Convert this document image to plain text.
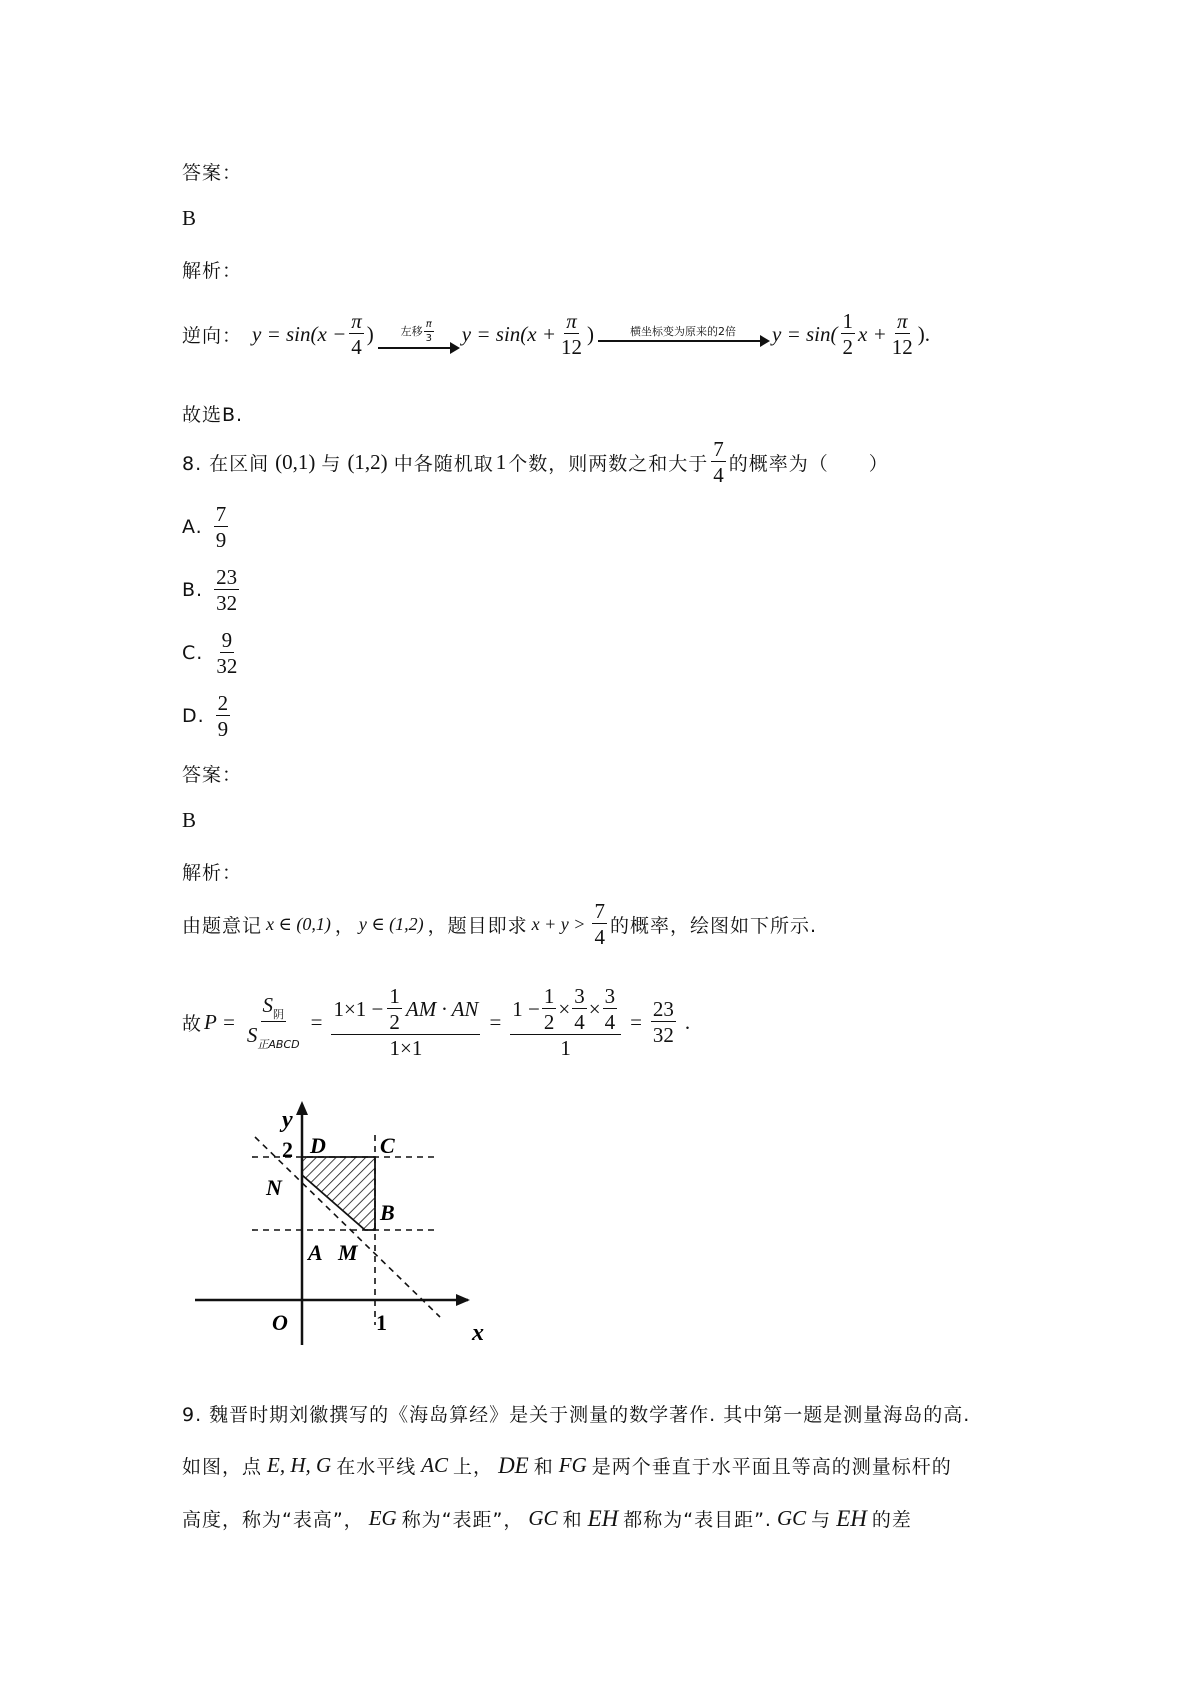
答案：
B
解析：
逆向： $y = \sin(x - \frac{\pi}{4}$ ) 左移 $\frac{\pi}{3}$ $y = \sin(x + \frac{\pi}{12}$ )	横坐标变为原来的2倍 $y = \sin( \frac{1}{2}$ $x + \frac{\pi}{12}$ ).
故选B.
8. 在区间 (0,1) 与 (1,2) 中各随机取 1 个数，则两数之和大于 $\frac{7}{4}$ 的概率为（　　）
A. $\frac{7}{9}$
B. $\frac{23}{32}$
C. $\frac{9}{32}$
D. $\frac{2}{9}$
答案：
B
解析：
由题意记 x ∈ (0,1) ， y ∈ (1,2) ，题目即求 $x + y > \frac{7}{4}$ 的概率，绘图如下所示.
故 $P = \frac{S_阴}{S_{正ABCD}} = \frac{1\times 1 - \frac{1}{2} AM \cdot AN}{1\times 1} = \frac{1 - \frac{1}{2} \times \frac{3}{4} \times \frac{3}{4}}{1} = \frac{23}{32}$ .
y
2 D C
N
B
A M
O	1	x
9. 魏晋时期刘徽撰写的《海岛算经》是关于测量的数学著作. 其中第一题是测量海岛的高.
如图，点 E, H, G 在水平线 AC 上， DE 和 FG 是两个垂直于水平面且等高的测量标杆的
高度，称为“表高”， EG 称为“表距”， GC 和 EH 都称为“表目距”. GC 与 EH 的差
